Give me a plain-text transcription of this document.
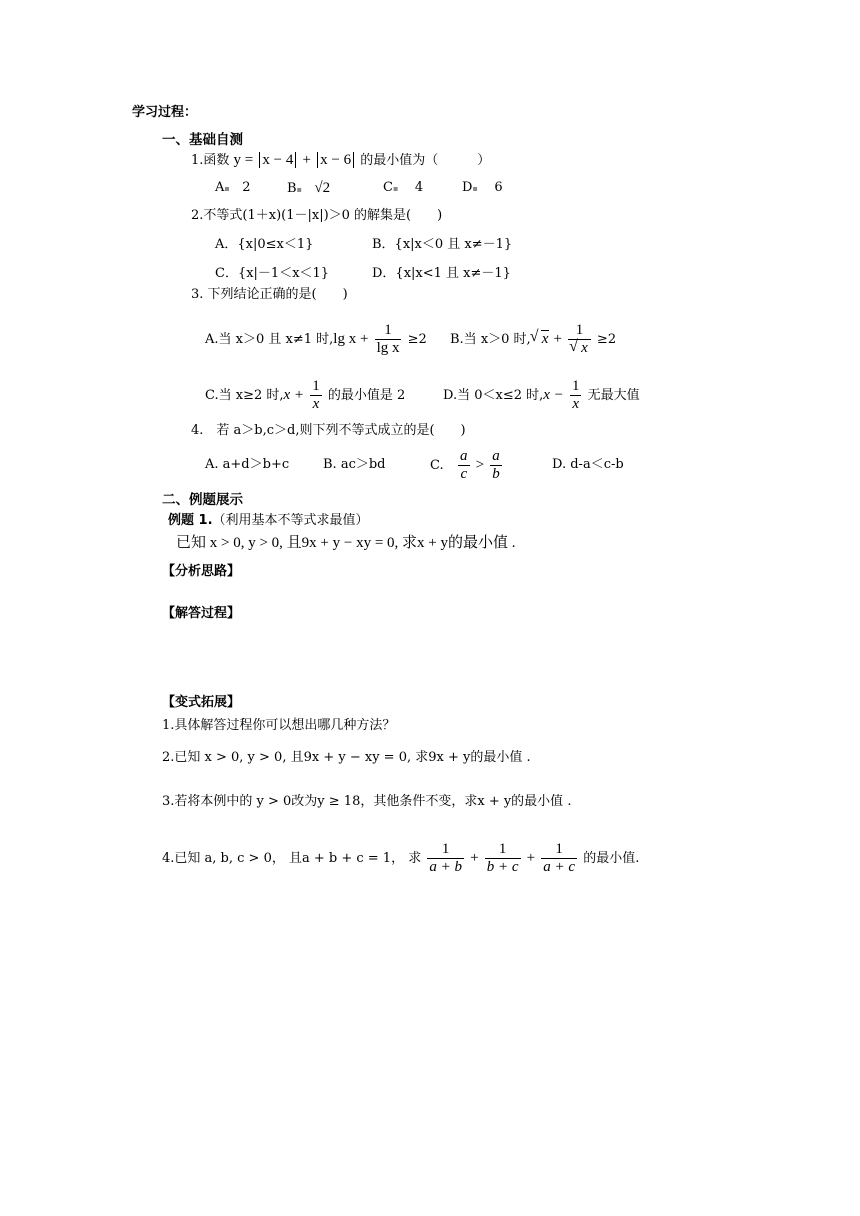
学习过程：
一、基础自测
1.函数 y = x − 4 + x − 6 的最小值为（　　　）
A▪ 2	B▪ √2	C▪ 4	D▪ 6
2.不等式(1＋x)(1－|x|)＞0 的解集是(　　)
A．{x|0≤x＜1}	B．{x|x＜0 且 x≠－1}
C．{x|－1＜x＜1}	D．{x|x<1 且 x≠－1}
3. 下列结论正确的是(　　)
A.当 x＞0 且 x≠1 时,lg $x + \frac{1}{\text{lg x}} \ge 2$ B.当 x＞0 时,√ x + 1
√ x ≥2
C.当 x≥2 时$,x + \frac{1}{x}$ 的最小值是 2	D.当 0＜x≤2 时$,x - \frac{1}{x}$ 无最大值
4.　若 a＞b,c＞d,则下列不等式成立的是(　　)
A. a+d＞b+c	B. ac＞bd	C. $\frac{a}{c} > \frac{a}{b}$	D. d-a＜c-b
二、例题展示
例题 1.（利用基本不等式求最值）
已知 x > 0, y > 0, 且9x + y − xy = 0, 求x + y的最小值 .
【分析思路】
【解答过程】
【变式拓展】
1.具体解答过程你可以想出哪几种方法？
2.已知 x > 0, y > 0, 且9x + y − xy = 0, 求9x + y的最小值 .
3.若将本例中的 y > 0改为y ≥ 18，其他条件不变，求x + y的最小值 .
4.已知 a, b, c > 0， 且a + b + c = 1， 求 $\frac{1}{a + b} + \frac{1}{b + c} + \frac{1}{a + c}$ 的最小值.
